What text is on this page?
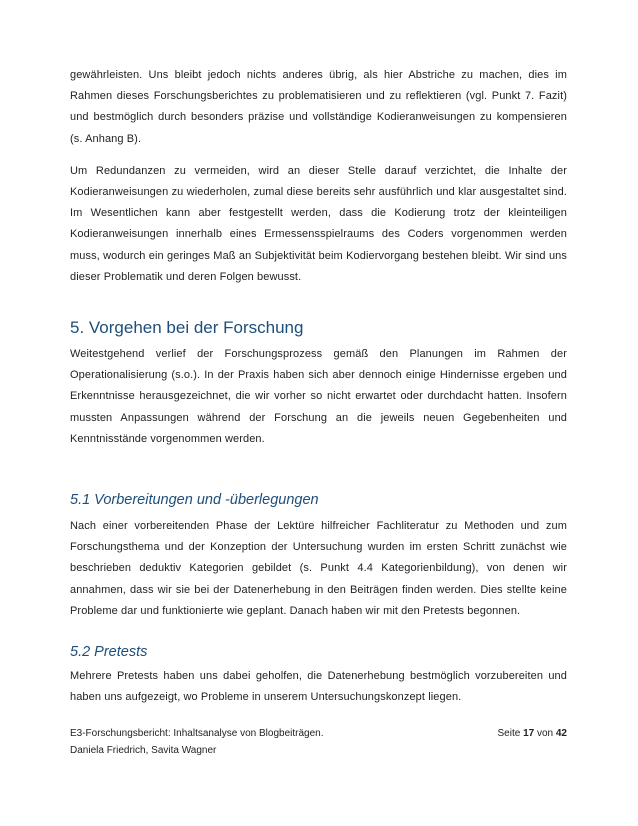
gewährleisten. Uns bleibt jedoch nichts anderes übrig, als hier Abstriche zu machen, dies im Rahmen dieses Forschungsberichtes zu problematisieren und zu reflektieren (vgl. Punkt 7. Fazit) und bestmöglich durch besonders präzise und vollständige Kodieranweisungen zu kompensieren (s. Anhang B).

Um Redundanzen zu vermeiden, wird an dieser Stelle darauf verzichtet, die Inhalte der Kodieranweisungen zu wiederholen, zumal diese bereits sehr ausführlich und klar ausgestaltet sind. Im Wesentlichen kann aber festgestellt werden, dass die Kodierung trotz der kleinteiligen Kodieranweisungen innerhalb eines Ermessensspielraums des Coders vorgenommen werden muss, wodurch ein geringes Maß an Subjektivität beim Kodiervorgang bestehen bleibt. Wir sind uns dieser Problematik und deren Folgen bewusst.

5. Vorgehen bei der Forschung

Weitestgehend verlief der Forschungsprozess gemäß den Planungen im Rahmen der Operationalisierung (s.o.). In der Praxis haben sich aber dennoch einige Hindernisse ergeben und Erkenntnisse herausgezeichnet, die wir vorher so nicht erwartet oder durchdacht hatten. Insofern mussten Anpassungen während der Forschung an die jeweils neuen Gegebenheiten und Kenntnisstände vorgenommen werden.

5.1 Vorbereitungen und -überlegungen

Nach einer vorbereitenden Phase der Lektüre hilfreicher Fachliteratur zu Methoden und zum Forschungsthema und der Konzeption der Untersuchung wurden im ersten Schritt zunächst wie beschrieben deduktiv Kategorien gebildet (s. Punkt 4.4 Kategorienbildung), von denen wir annahmen, dass wir sie bei der Datenerhebung in den Beiträgen finden werden. Dies stellte keine Probleme dar und funktionierte wie geplant. Danach haben wir mit den Pretests begonnen.

5.2 Pretests

Mehrere Pretests haben uns dabei geholfen, die Datenerhebung bestmöglich vorzubereiten und haben uns aufgezeigt, wo Probleme in unserem Untersuchungskonzept liegen.

E3-Forschungsbericht: Inhaltsanalyse von Blogbeiträgen.	Seite 17 von 42
Daniela Friedrich, Savita Wagner
